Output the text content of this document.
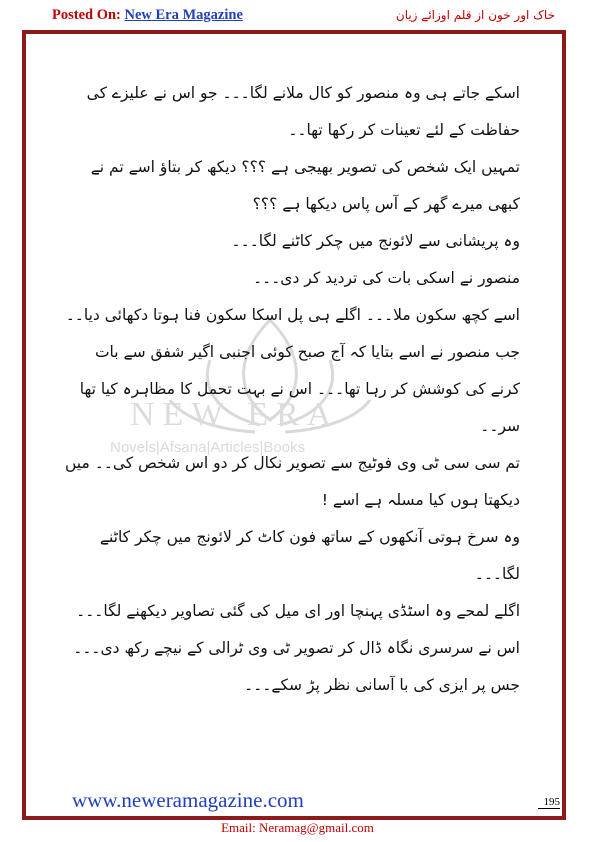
Posted On: New Era Magazine	خاک اور خون از قلم اوزائے زیان
NEW ERA
Novels|Afsana|Articles|Books

اسکے جاتے ہی وہ منصور کو کال ملانے لگا۔۔۔ جو اس نے علیزے کی حفاظت کے لئے تعینات کر رکھا تھا۔۔

تمہیں ایک شخص کی تصویر بھیجی ہے ؟؟؟ دیکھ کر بتاؤ اسے تم نے کبھی میرے گھر کے آس پاس دیکھا ہے ؟؟؟

وہ پریشانی سے لائونج میں چکر کاٹنے لگا۔۔۔

منصور نے اسکی بات کی تردید کر دی۔۔۔

اسے کچھ سکون ملا۔۔۔ اگلے ہی پل اسکا سکون فنا ہوتا دکھائی دیا۔۔ جب منصور نے اسے بتایا کہ آج صبح کوئی اجنبی اگیر شفق سے بات کرنے کی کوشش کر رہا تھا۔۔۔ اس نے بہت تحمل کا مظاہرہ کیا تھا سر۔۔

تم سی سی ٹی وی فوٹیج سے تصویر نکال کر دو اس شخص کی۔۔ میں دیکھتا ہوں کیا مسلہ ہے اسے !

وہ سرخ ہوتی آنکھوں کے ساتھ فون کاٹ کر لائونج میں چکر کاٹنے لگا۔۔۔

اگلے لمحے وہ اسٹڈی پہنچا اور ای میل کی گئی تصاویر دیکھنے لگا۔۔۔

اس نے سرسری نگاہ ڈال کر تصویر ٹی وی ٹرالی کے نیچے رکھ دی۔۔۔ جس پر ایزی کی با آسانی نظر پڑ سکے۔۔۔

www.neweramagazine.com	195
Email: Neramag@gmail.com
